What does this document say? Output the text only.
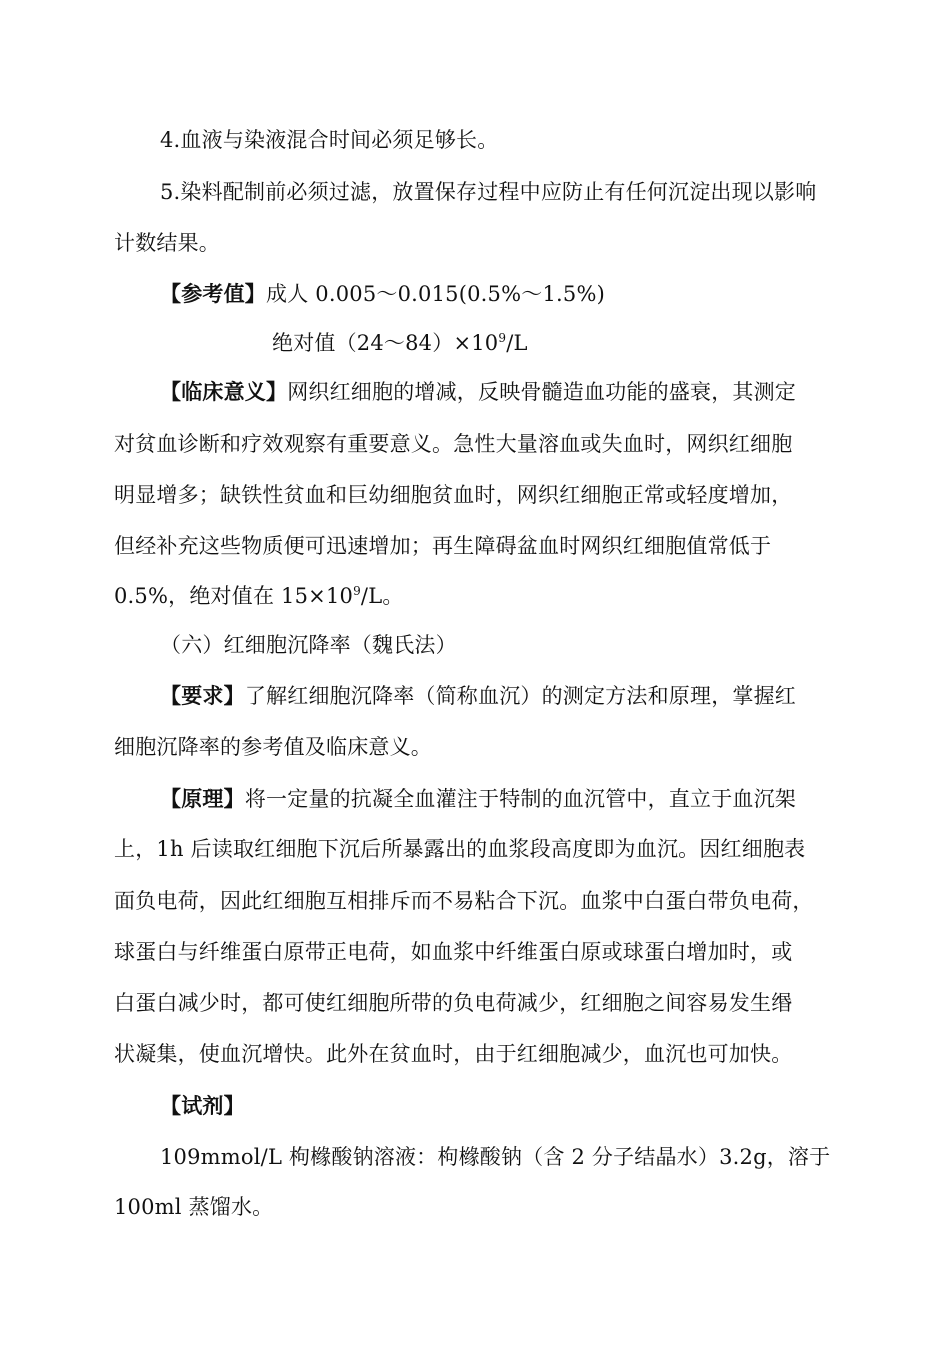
4.血液与染液混合时间必须足够长。
5.染料配制前必须过滤，放置保存过程中应防止有任何沉淀出现以影响
计数结果。
【参考值】成人 0.005～0.015(0.5%～1.5%)
绝对值$(24\sim 84)\times 10^9/L$
【临床意义】网织红细胞的增减，反映骨髓造血功能的盛衰，其测定
对贫血诊断和疗效观察有重要意义。急性大量溶血或失血时，网织红细胞
明显增多；缺铁性贫血和巨幼细胞贫血时，网织红细胞正常或轻度增加，
但经补充这些物质便可迅速增加；再生障碍盆血时网织红细胞值常低于
0.5%，绝对值在 $15\times 10^9/L$。
（六）红细胞沉降率（魏氏法）
【要求】了解红细胞沉降率（简称血沉）的测定方法和原理，掌握红
细胞沉降率的参考值及临床意义。
【原理】将一定量的抗凝全血灌注于特制的血沉管中，直立于血沉架
上，1h 后读取红细胞下沉后所暴露出的血浆段高度即为血沉。因红细胞表
面负电荷，因此红细胞互相排斥而不易粘合下沉。血浆中白蛋白带负电荷，
球蛋白与纤维蛋白原带正电荷，如血浆中纤维蛋白原或球蛋白增加时，或
白蛋白减少时，都可使红细胞所带的负电荷减少，红细胞之间容易发生缗
状凝集，使血沉增快。此外在贫血时，由于红细胞减少，血沉也可加快。
【试剂】
109mmol/L 枸橼酸钠溶液：枸橼酸钠（含 2 分子结晶水）3.2g，溶于
100ml 蒸馏水。
